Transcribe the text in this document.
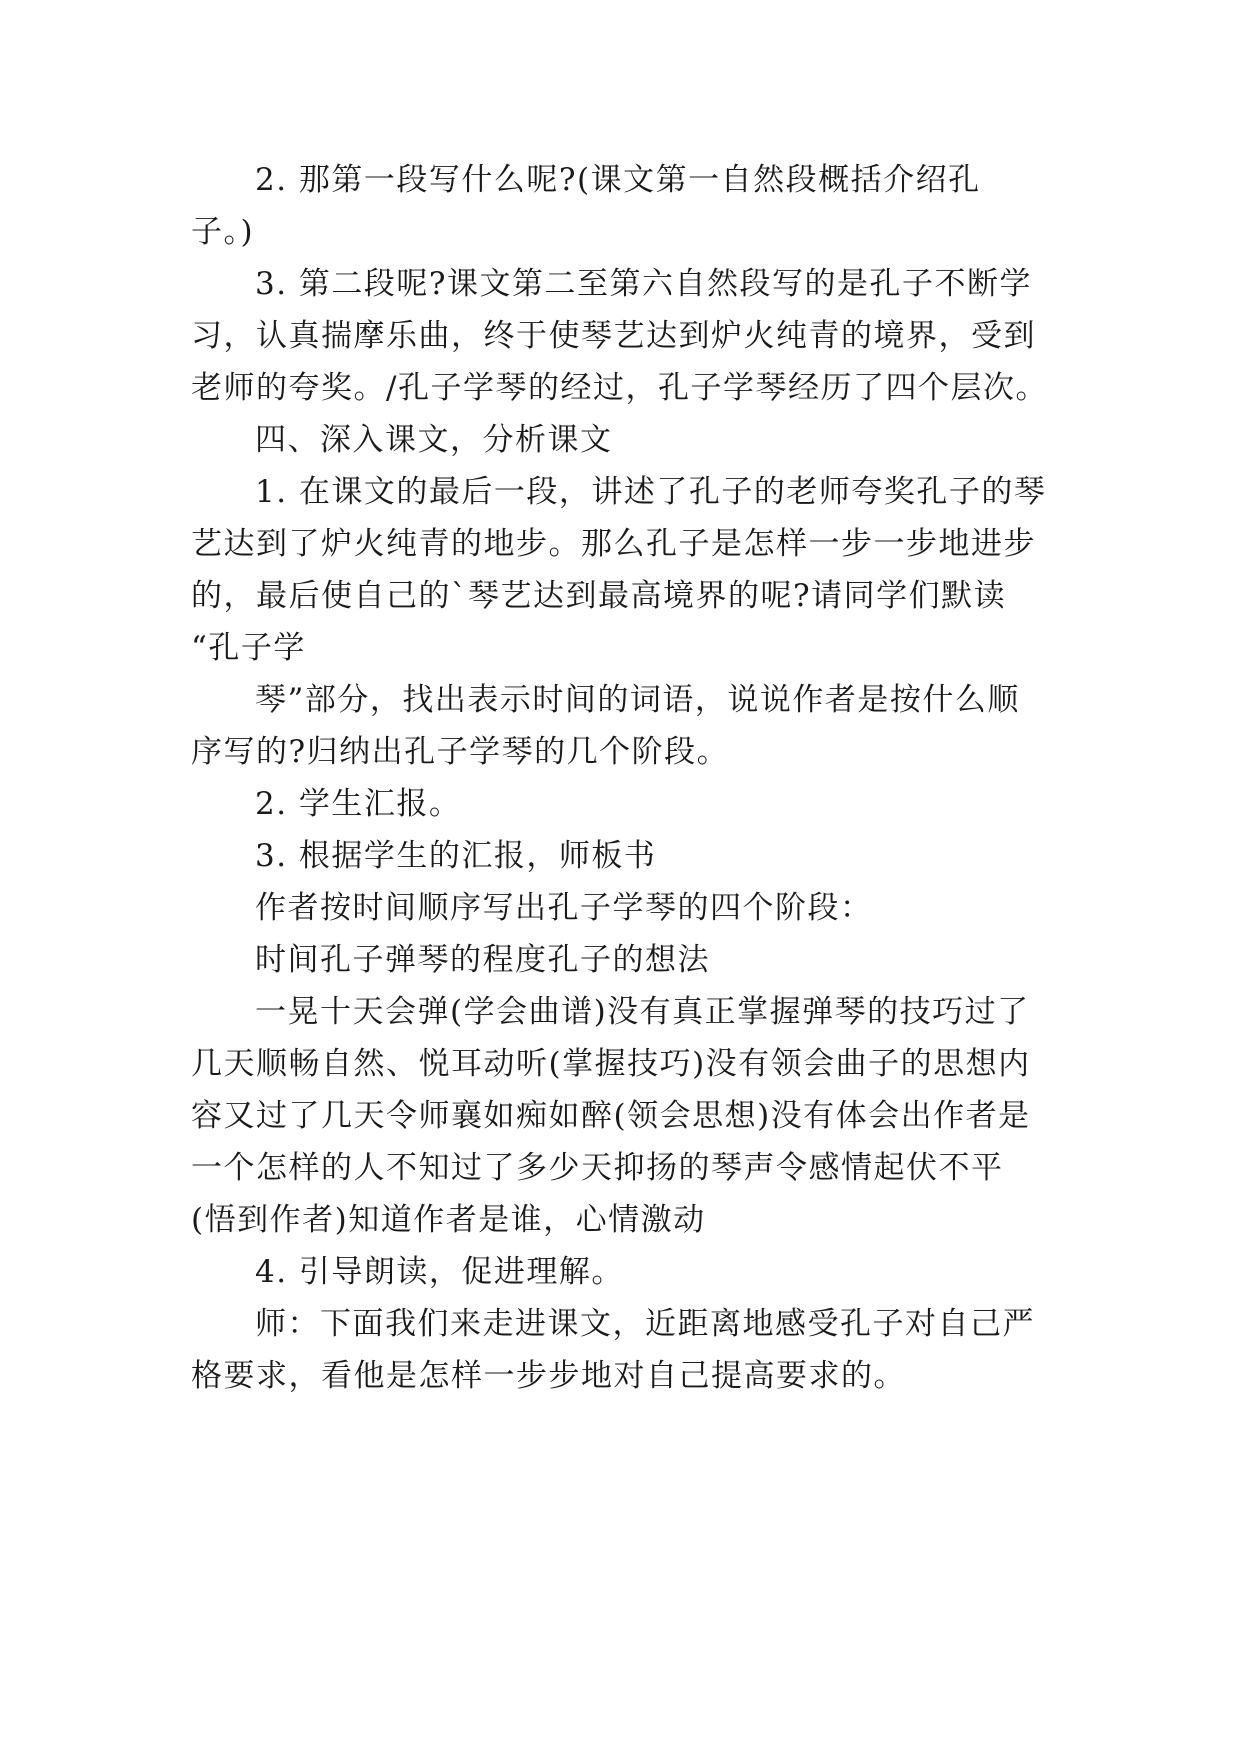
2. 那第一段写什么呢?(课文第一自然段概括介绍孔
子。)
3. 第二段呢?课文第二至第六自然段写的是孔子不断学
习，认真揣摩乐曲，终于使琴艺达到炉火纯青的境界，受到
老师的夸奖。/孔子学琴的经过，孔子学琴经历了四个层次。
四、深入课文，分析课文
1. 在课文的最后一段，讲述了孔子的老师夸奖孔子的琴
艺达到了炉火纯青的地步。那么孔子是怎样一步一步地进步
的，最后使自己的`琴艺达到最高境界的呢?请同学们默读
“孔子学
琴”部分，找出表示时间的词语，说说作者是按什么顺
序写的?归纳出孔子学琴的几个阶段。
2. 学生汇报。
3. 根据学生的汇报，师板书
作者按时间顺序写出孔子学琴的四个阶段：
时间孔子弹琴的程度孔子的想法
一晃十天会弹(学会曲谱)没有真正掌握弹琴的技巧过了
几天顺畅自然、悦耳动听(掌握技巧)没有领会曲子的思想内
容又过了几天令师襄如痴如醉(领会思想)没有体会出作者是
一个怎样的人不知过了多少天抑扬的琴声令感情起伏不平
(悟到作者)知道作者是谁，心情激动
4. 引导朗读，促进理解。
师：下面我们来走进课文，近距离地感受孔子对自己严
格要求，看他是怎样一步步地对自己提高要求的。
